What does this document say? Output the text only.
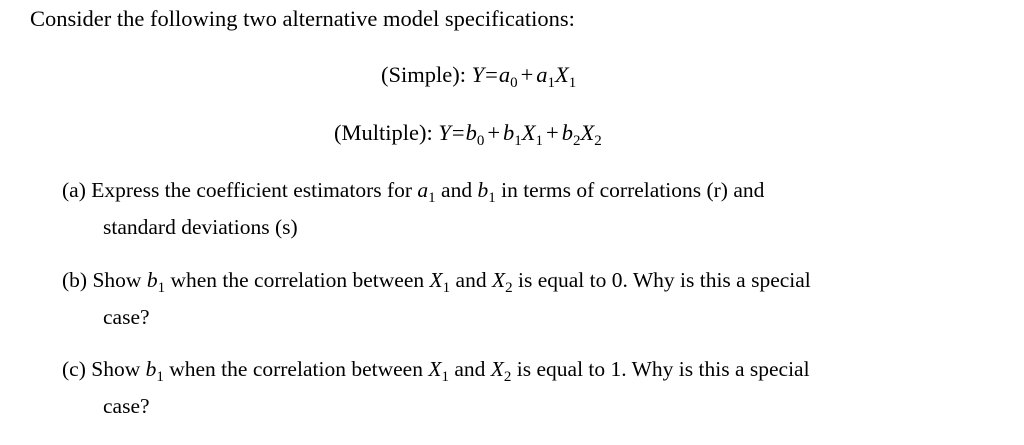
Consider the following two alternative model specifications:
(Simple): $Y=a_0 + a_1X_1$
(Multiple): $Y=b_0 + b_1X_1 + b_2X_2$
(a) Express the coefficient estimators for $a_1$ and $b_1$ in terms of correlations (r) and
standard deviations (s)
(b) Show $b_1$ when the correlation between $X_1$ and $X_2$ is equal to 0. Why is this a special
case?
(c) Show $b_1$ when the correlation between $X_1$ and $X_2$ is equal to 1. Why is this a special
case?
